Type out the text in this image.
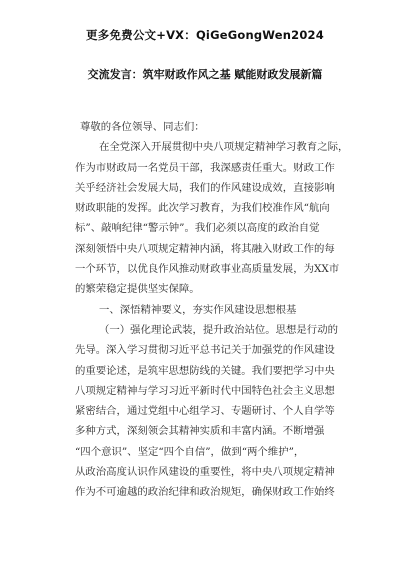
更多免费公文+VX：QiGeGongWen2024
交流发言：筑牢财政作风之基 赋能财政发展新篇
尊敬的各位领导、同志们：
在全党深入开展贯彻中央八项规定精神学习教育之际，
作为市财政局一名党员干部，我深感责任重大。财政工作
关乎经济社会发展大局，我们的作风建设成效，直接影响
财政职能的发挥。此次学习教育，为我们校准作风“航向
标”、敲响纪律“警示钟”。我们必须以高度的政治自觉
深刻领悟中央八项规定精神内涵，将其融入财政工作的每
一个环节，以优良作风推动财政事业高质量发展，为XX市
的繁荣稳定提供坚实保障。
一、深悟精神要义，夯实作风建设思想根基
（一）强化理论武装，提升政治站位。思想是行动的
先导。深入学习贯彻习近平总书记关于加强党的作风建设
的重要论述，是筑牢思想防线的关键。我们要把学习中央
八项规定精神与学习习近平新时代中国特色社会主义思想
紧密结合，通过党组中心组学习、专题研讨、个人自学等
多种方式，深刻领会其精神实质和丰富内涵。不断增强
“四个意识”、坚定“四个自信”，做到“两个维护”，
从政治高度认识作风建设的重要性，将中央八项规定精神
作为不可逾越的政治纪律和政治规矩，确保财政工作始终
